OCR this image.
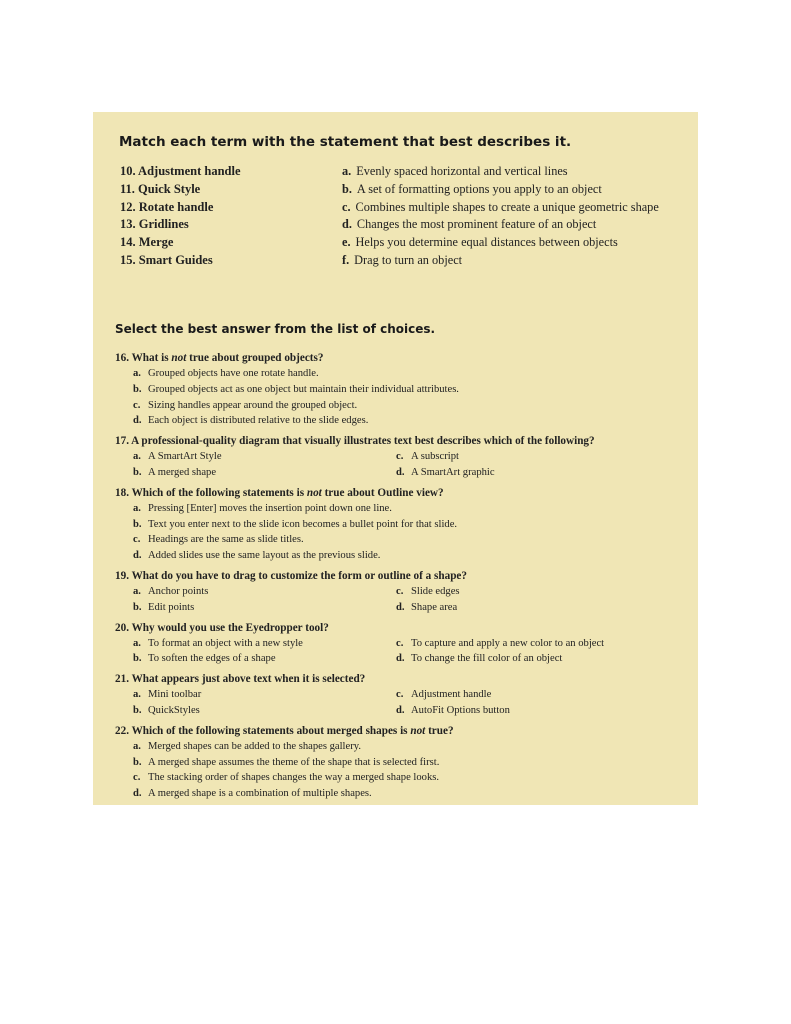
Match each term with the statement that best describes it.
10. Adjustment handle	a. Evenly spaced horizontal and vertical lines
11. Quick Style	b. A set of formatting options you apply to an object
12. Rotate handle	c. Combines multiple shapes to create a unique geometric shape
13. Gridlines	d. Changes the most prominent feature of an object
14. Merge	e. Helps you determine equal distances between objects
15. Smart Guides	f. Drag to turn an object
Select the best answer from the list of choices.
16. What is not true about grouped objects?
a. Grouped objects have one rotate handle.
b. Grouped objects act as one object but maintain their individual attributes.
c. Sizing handles appear around the grouped object.
d. Each object is distributed relative to the slide edges.
17. A professional-quality diagram that visually illustrates text best describes which of the following?
a. A SmartArt Style	c. A subscript
b. A merged shape	d. A SmartArt graphic
18. Which of the following statements is not true about Outline view?
a. Pressing [Enter] moves the insertion point down one line.
b. Text you enter next to the slide icon becomes a bullet point for that slide.
c. Headings are the same as slide titles.
d. Added slides use the same layout as the previous slide.
19. What do you have to drag to customize the form or outline of a shape?
a. Anchor points	c. Slide edges
b. Edit points	d. Shape area
20. Why would you use the Eyedropper tool?
a. To format an object with a new style	c. To capture and apply a new color to an object
b. To soften the edges of a shape	d. To change the fill color of an object
21. What appears just above text when it is selected?
a. Mini toolbar	c. Adjustment handle
b. QuickStyles	d. AutoFit Options button
22. Which of the following statements about merged shapes is not true?
a. Merged shapes can be added to the shapes gallery.
b. A merged shape assumes the theme of the shape that is selected first.
c. The stacking order of shapes changes the way a merged shape looks.
d. A merged shape is a combination of multiple shapes.
